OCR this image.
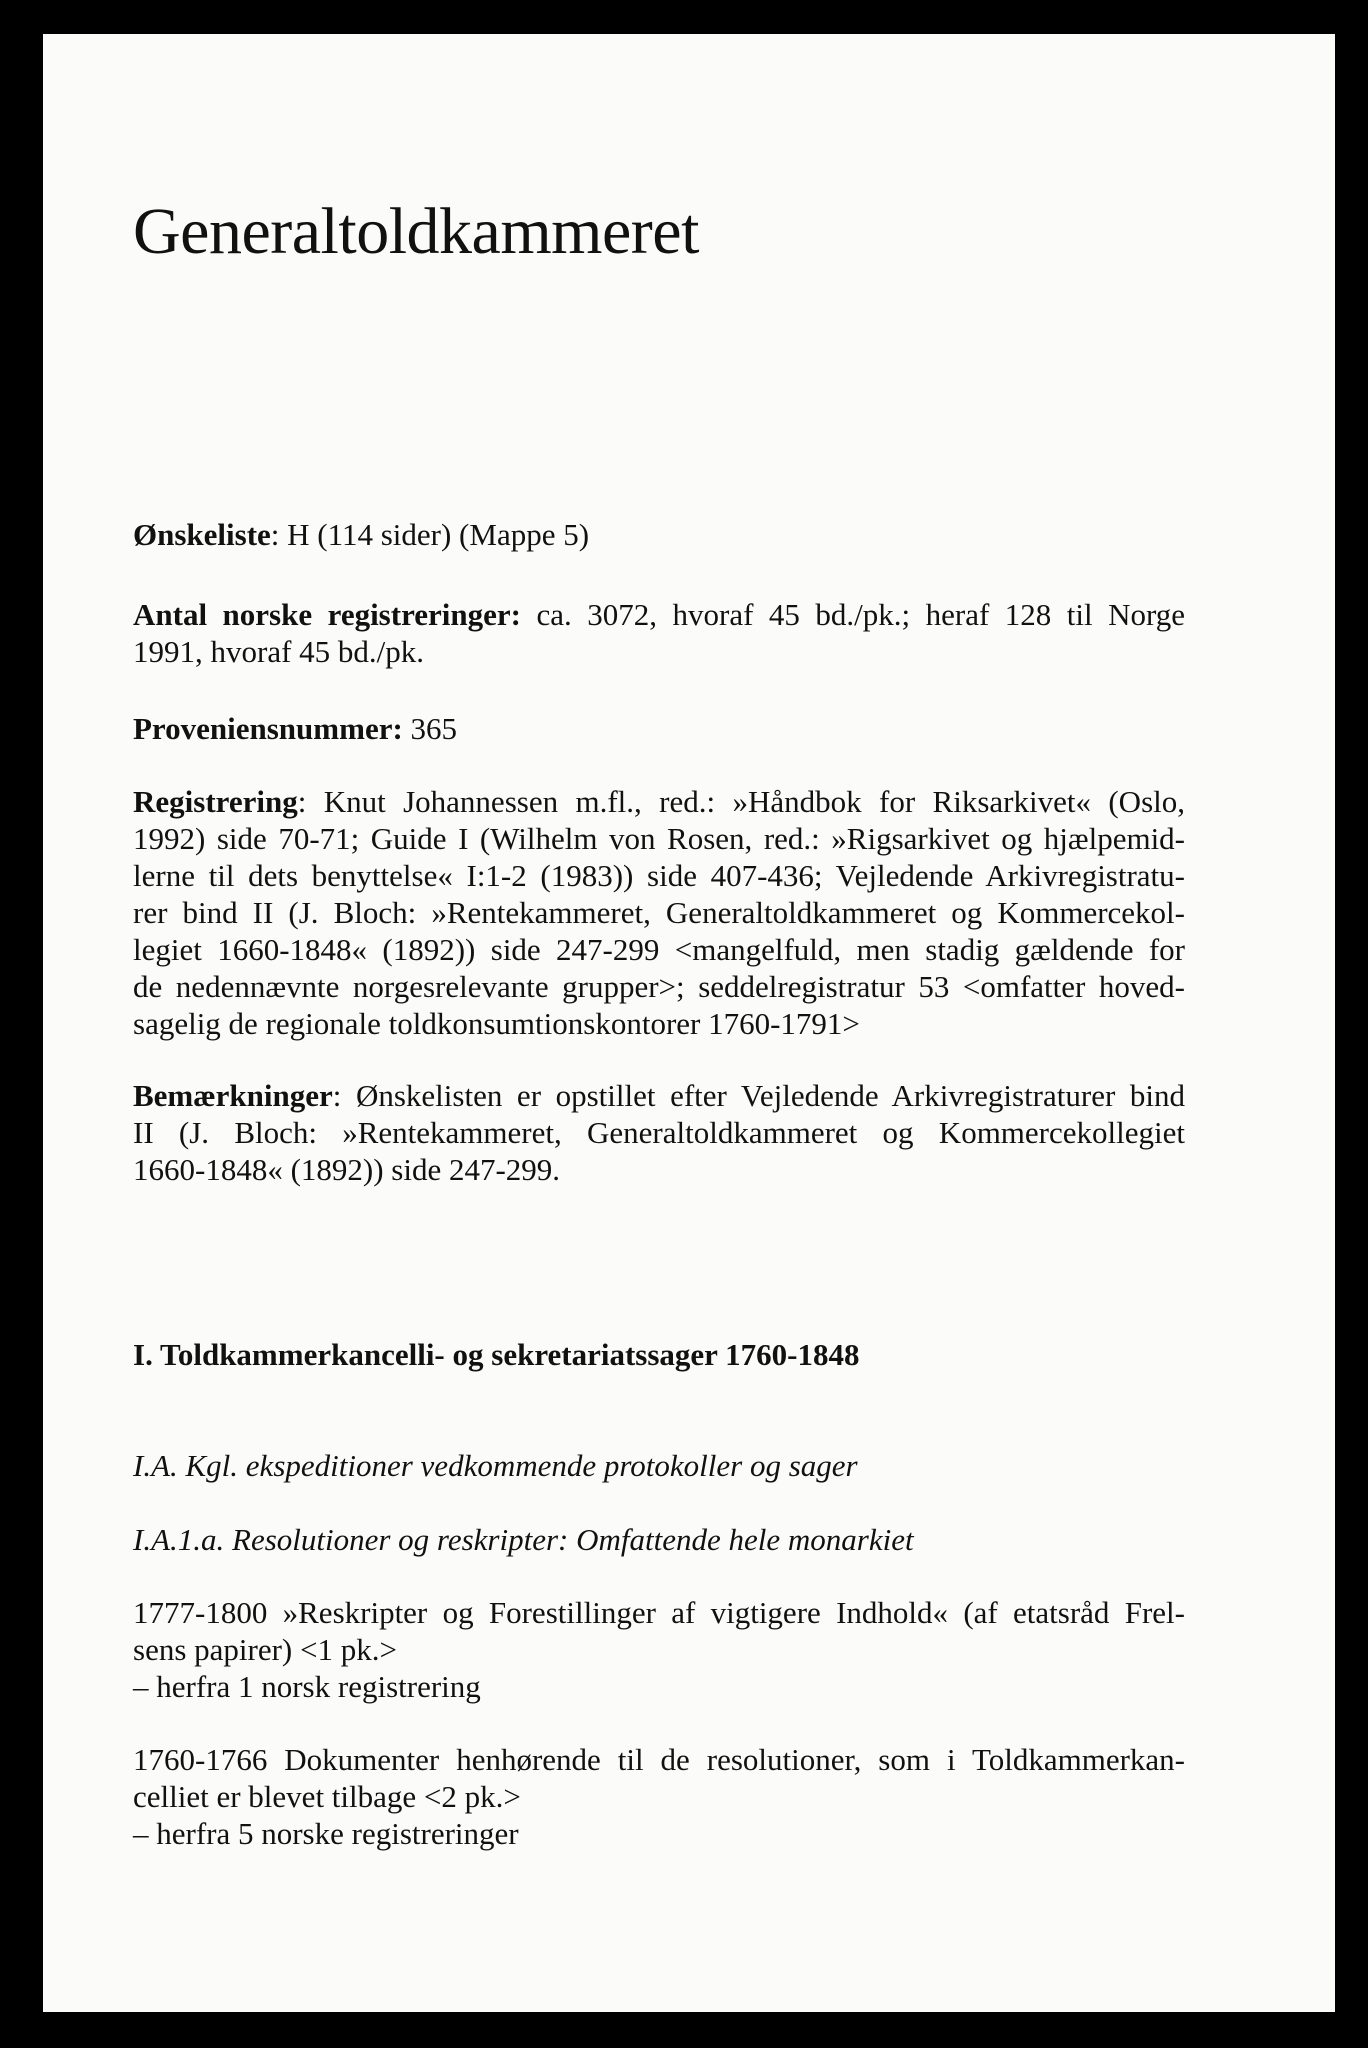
Generaltoldkammeret
Ønskeliste: H (114 sider) (Mappe 5)
Antal norske registreringer: ca. 3072, hvoraf 45 bd./pk.; heraf 128 til Norge
1991, hvoraf 45 bd./pk.
Proveniensnummer: 365
Registrering: Knut Johannessen m.fl., red.: »Håndbok for Riksarkivet« (Oslo,
1992) side 70-71; Guide I (Wilhelm von Rosen, red.: »Rigsarkivet og hjælpemid-
lerne til dets benyttelse« I:1-2 (1983)) side 407-436; Vejledende Arkivregistratu-
rer bind II (J. Bloch: »Rentekammeret, Generaltoldkammeret og Kommercekol-
legiet 1660-1848« (1892)) side 247-299 <mangelfuld, men stadig gældende for
de nedennævnte norgesrelevante grupper>; seddelregistratur 53 <omfatter hoved-
sagelig de regionale toldkonsumtionskontorer 1760-1791>
Bemærkninger: Ønskelisten er opstillet efter Vejledende Arkivregistraturer bind
II (J. Bloch: »Rentekammeret, Generaltoldkammeret og Kommercekollegiet
1660-1848« (1892)) side 247-299.
I. Toldkammerkancelli- og sekretariatssager 1760-1848
I.A. Kgl. ekspeditioner vedkommende protokoller og sager
I.A.1.a. Resolutioner og reskripter: Omfattende hele monarkiet
1777-1800 »Reskripter og Forestillinger af vigtigere Indhold« (af etatsråd Frel-
sens papirer) <1 pk.>
– herfra 1 norsk registrering
1760-1766 Dokumenter henhørende til de resolutioner, som i Toldkammerkan-
celliet er blevet tilbage <2 pk.>
– herfra 5 norske registreringer
